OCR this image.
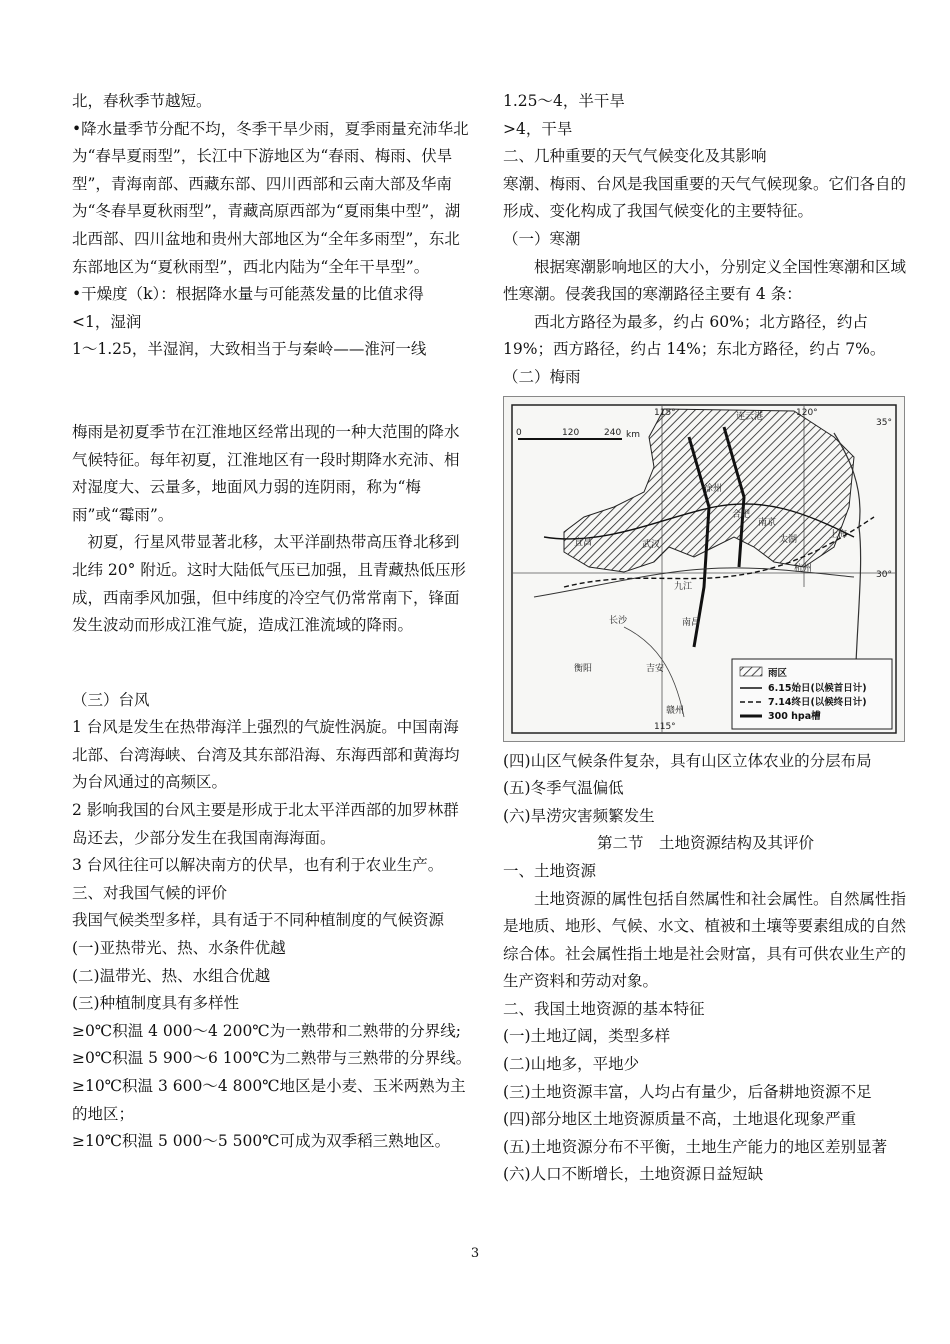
北，春秋季节越短。

•降水量季节分配不均，冬季干旱少雨，夏季雨量充沛华北为“春旱夏雨型”，长江中下游地区为“春雨、梅雨、伏旱型”，青海南部、西藏东部、四川西部和云南大部及华南为“冬春旱夏秋雨型”，青藏高原西部为“夏雨集中型”，湖北西部、四川盆地和贵州大部地区为“全年多雨型”，东北东部地区为“夏秋雨型”，西北内陆为“全年干旱型”。

•干燥度（k）：根据降水量与可能蒸发量的比值求得

<1，湿润

1～1.25，半湿润，大致相当于与秦岭——淮河一线

梅雨是初夏季节在江淮地区经常出现的一种大范围的降水气候特征。每年初夏，江淮地区有一段时期降水充沛、相对湿度大、云量多，地面风力弱的连阴雨，称为“梅雨”或“霉雨”。

初夏，行星风带显著北移，太平洋副热带高压脊北移到北纬 20° 附近。这时大陆低气压已加强，且青藏热低压形成，西南季风加强，但中纬度的冷空气仍常常南下，锋面发生波动而形成江淮气旋，造成江淮流域的降雨。

（三）台风

1 台风是发生在热带海洋上强烈的气旋性涡旋。中国南海北部、台湾海峡、台湾及其东部沿海、东海西部和黄海均为台风通过的高频区。

2 影响我国的台风主要是形成于北太平洋西部的加罗林群岛还去，少部分发生在我国南海海面。

3 台风往往可以解决南方的伏旱，也有利于农业生产。

三、对我国气候的评价

我国气候类型多样，具有适于不同种植制度的气候资源

(一)亚热带光、热、水条件优越

(二)温带光、热、水组合优越

(三)种植制度具有多样性

≥0℃积温 4 000～4 200℃为一熟带和二熟带的分界线;

≥0℃积温 5 900～6 100℃为二熟带与三熟带的分界线。

≥10℃积温 3 600～4 800℃地区是小麦、玉米两熟为主的地区；

≥10℃积温 5 000～5 500℃可成为双季稻三熟地区。

1.25～4，半干旱

>4，干旱

二、几种重要的天气气候变化及其影响

寒潮、梅雨、台风是我国重要的天气气候现象。它们各自的形成、变化构成了我国气候变化的主要特征。

（一）寒潮

根据寒潮影响地区的大小，分别定义全国性寒潮和区域性寒潮。侵袭我国的寒潮路径主要有 4 条：

西北方路径为最多，约占 60%；北方路径，约占 19%；西方路径，约占 14%；东北方路径，约占 7%。

（二）梅雨

0	120	240 km
115°	120°
35°
115°
连云港
徐州
南京
太湖
合肥
上海
杭州
武汉
宜昌
九江
南昌
长沙
衡阳	吉安
赣州
30°
雨区
6.15始日(以候首日计)
7.14终日(以候终日计)
300 hpa槽

(四)山区气候条件复杂，具有山区立体农业的分层布局

(五)冬季气温偏低

(六)旱涝灾害频繁发生

第二节　土地资源结构及其评价

一、土地资源

土地资源的属性包括自然属性和社会属性。自然属性指是地质、地形、气候、水文、植被和土壤等要素组成的自然综合体。社会属性指土地是社会财富，具有可供农业生产的生产资料和劳动对象。

二、我国土地资源的基本特征

(一)土地辽阔，类型多样

(二)山地多，平地少

(三)土地资源丰富，人均占有量少，后备耕地资源不足

(四)部分地区土地资源质量不高，土地退化现象严重

(五)土地资源分布不平衡，土地生产能力的地区差别显著

(六)人口不断增长，土地资源日益短缺

3
